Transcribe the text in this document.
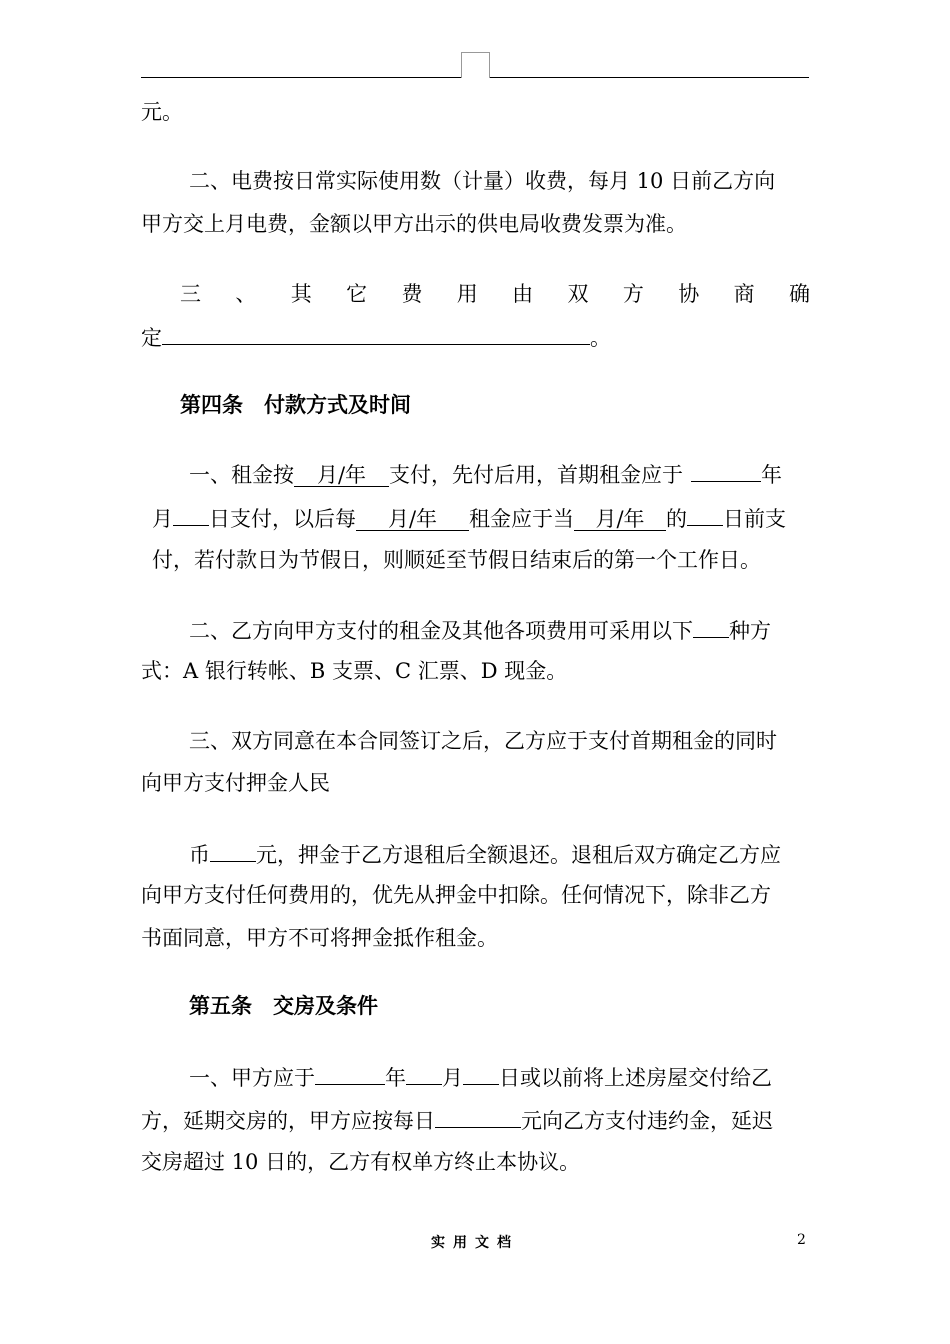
元。
二、电费按日常实际使用数（计量）收费，每月 10 日前乙方向
甲方交上月电费，金额以甲方出示的供电局收费发票为准。
三 、 其 它 费 用 由 双 方 协 商 确
定	。
第四条　付款方式及时间
一、租金按 月/年 支付，先付后用，首期租金应于	年
月 日支付，以后每 月/年 租金应于当 月/年 的 日前支
付，若付款日为节假日，则顺延至节假日结束后的第一个工作日。
二、乙方向甲方支付的租金及其他各项费用可采用以下 种方
式：A 银行转帐、B 支票、C 汇票、D 现金。
三、双方同意在本合同签订之后，乙方应于支付首期租金的同时
向甲方支付押金人民
币 元，押金于乙方退租后全额退还。退租后双方确定乙方应
向甲方支付任何费用的，优先从押金中扣除。任何情况下，除非乙方
书面同意，甲方不可将押金抵作租金。
第五条　交房及条件
一、甲方应于	年 月 日或以前将上述房屋交付给乙
方，延期交房的，甲方应按每日	元向乙方支付违约金，延迟
交房超过 10 日的，乙方有权单方终止本协议。
实用文档	2
